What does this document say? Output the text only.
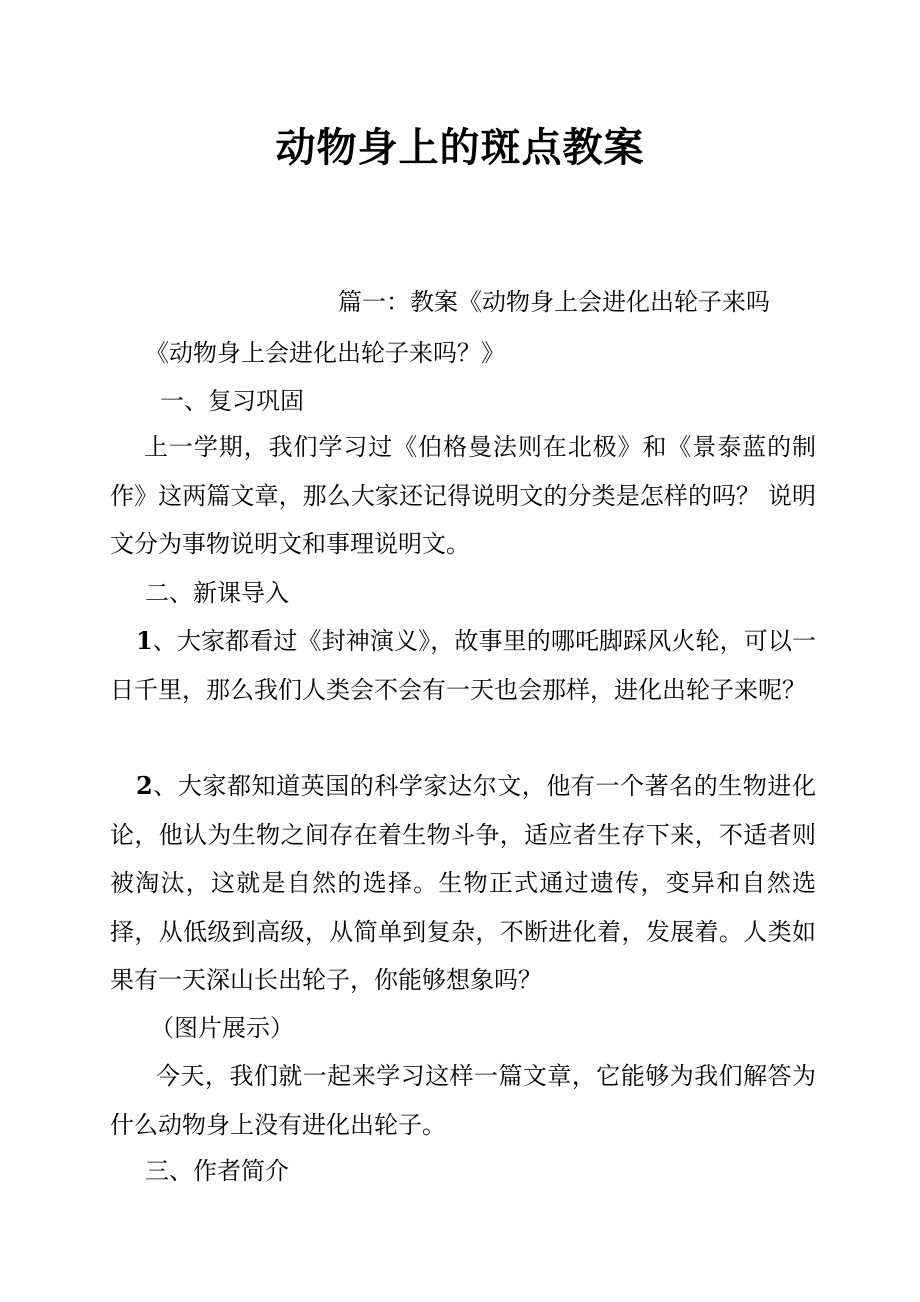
动物身上的斑点教案
篇一：教案《动物身上会进化出轮子来吗
《动物身上会进化出轮子来吗？》
一、复习巩固
上一学期，我们学习过《伯格曼法则在北极》和《景泰蓝的制作》这两篇文章，那么大家还记得说明文的分类是怎样的吗？ 说明文分为事物说明文和事理说明文。
二、新课导入
1、大家都看过《封神演义》，故事里的哪吒脚踩风火轮，可以一日千里，那么我们人类会不会有一天也会那样，进化出轮子来呢？
2、大家都知道英国的科学家达尔文，他有一个著名的生物进化论，他认为生物之间存在着生物斗争，适应者生存下来，不适者则被淘汰，这就是自然的选择。生物正式通过遗传，变异和自然选择，从低级到高级，从简单到复杂，不断进化着，发展着。人类如果有一天深山长出轮子，你能够想象吗？
（图片展示）
今天，我们就一起来学习这样一篇文章，它能够为我们解答为什么动物身上没有进化出轮子。
三、作者简介
